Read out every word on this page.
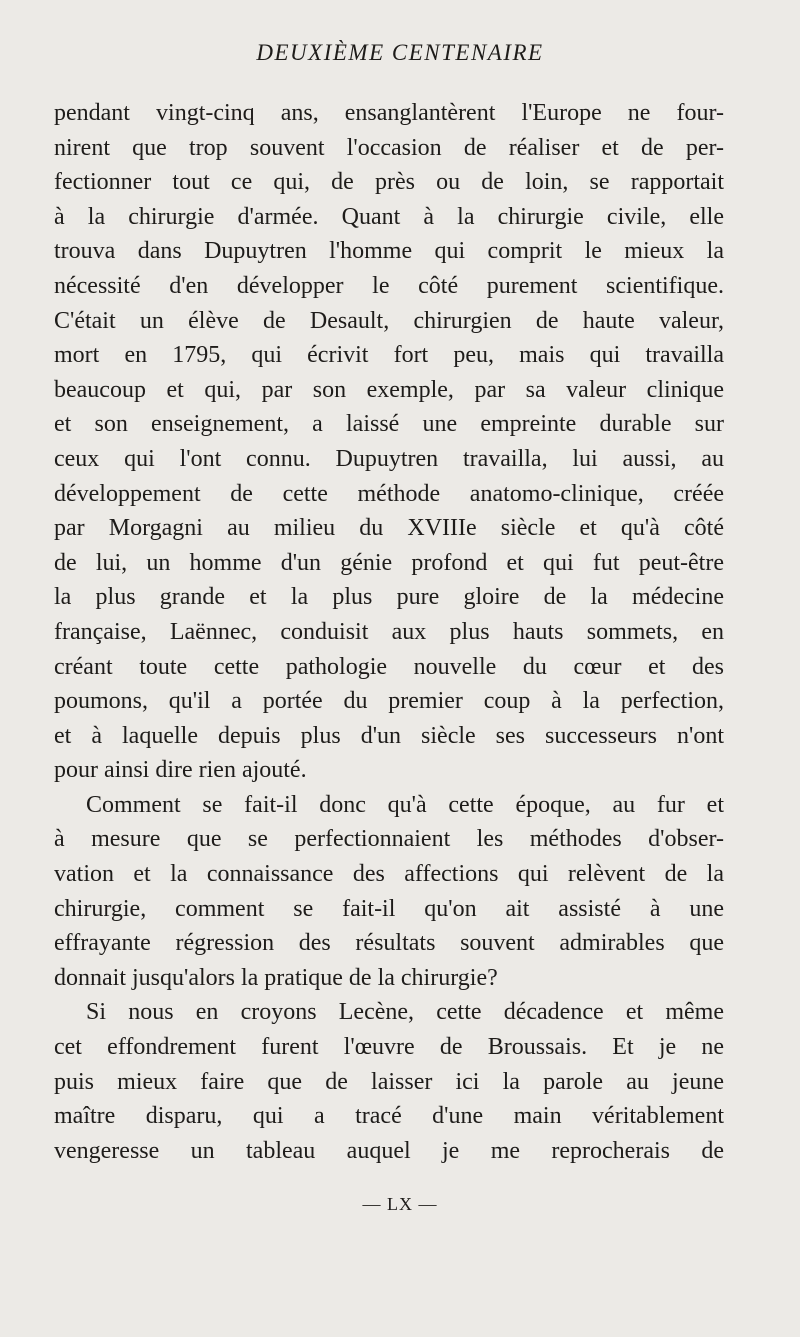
DEUXIÈME CENTENAIRE
pendant vingt-cinq ans, ensanglantèrent l'Europe ne four-
nirent que trop souvent l'occasion de réaliser et de per-
fectionner tout ce qui, de près ou de loin, se rapportait
à la chirurgie d'armée. Quant à la chirurgie civile, elle
trouva dans Dupuytren l'homme qui comprit le mieux la
nécessité d'en développer le côté purement scientifique.
C'était un élève de Desault, chirurgien de haute valeur,
mort en 1795, qui écrivit fort peu, mais qui travailla
beaucoup et qui, par son exemple, par sa valeur clinique
et son enseignement, a laissé une empreinte durable sur
ceux qui l'ont connu. Dupuytren travailla, lui aussi, au
développement de cette méthode anatomo-clinique, créée
par Morgagni au milieu du XVIIIe siècle et qu'à côté
de lui, un homme d'un génie profond et qui fut peut-être
la plus grande et la plus pure gloire de la médecine
française, Laënnec, conduisit aux plus hauts sommets, en
créant toute cette pathologie nouvelle du cœur et des
poumons, qu'il a portée du premier coup à la perfection,
et à laquelle depuis plus d'un siècle ses successeurs n'ont
pour ainsi dire rien ajouté.
Comment se fait-il donc qu'à cette époque, au fur et
à mesure que se perfectionnaient les méthodes d'obser-
vation et la connaissance des affections qui relèvent de la
chirurgie, comment se fait-il qu'on ait assisté à une
effrayante régression des résultats souvent admirables que
donnait jusqu'alors la pratique de la chirurgie?
Si nous en croyons Lecène, cette décadence et même
cet effondrement furent l'œuvre de Broussais. Et je ne
puis mieux faire que de laisser ici la parole au jeune
maître disparu, qui a tracé d'une main véritablement
vengeresse un tableau auquel je me reprocherais de
— LX —
